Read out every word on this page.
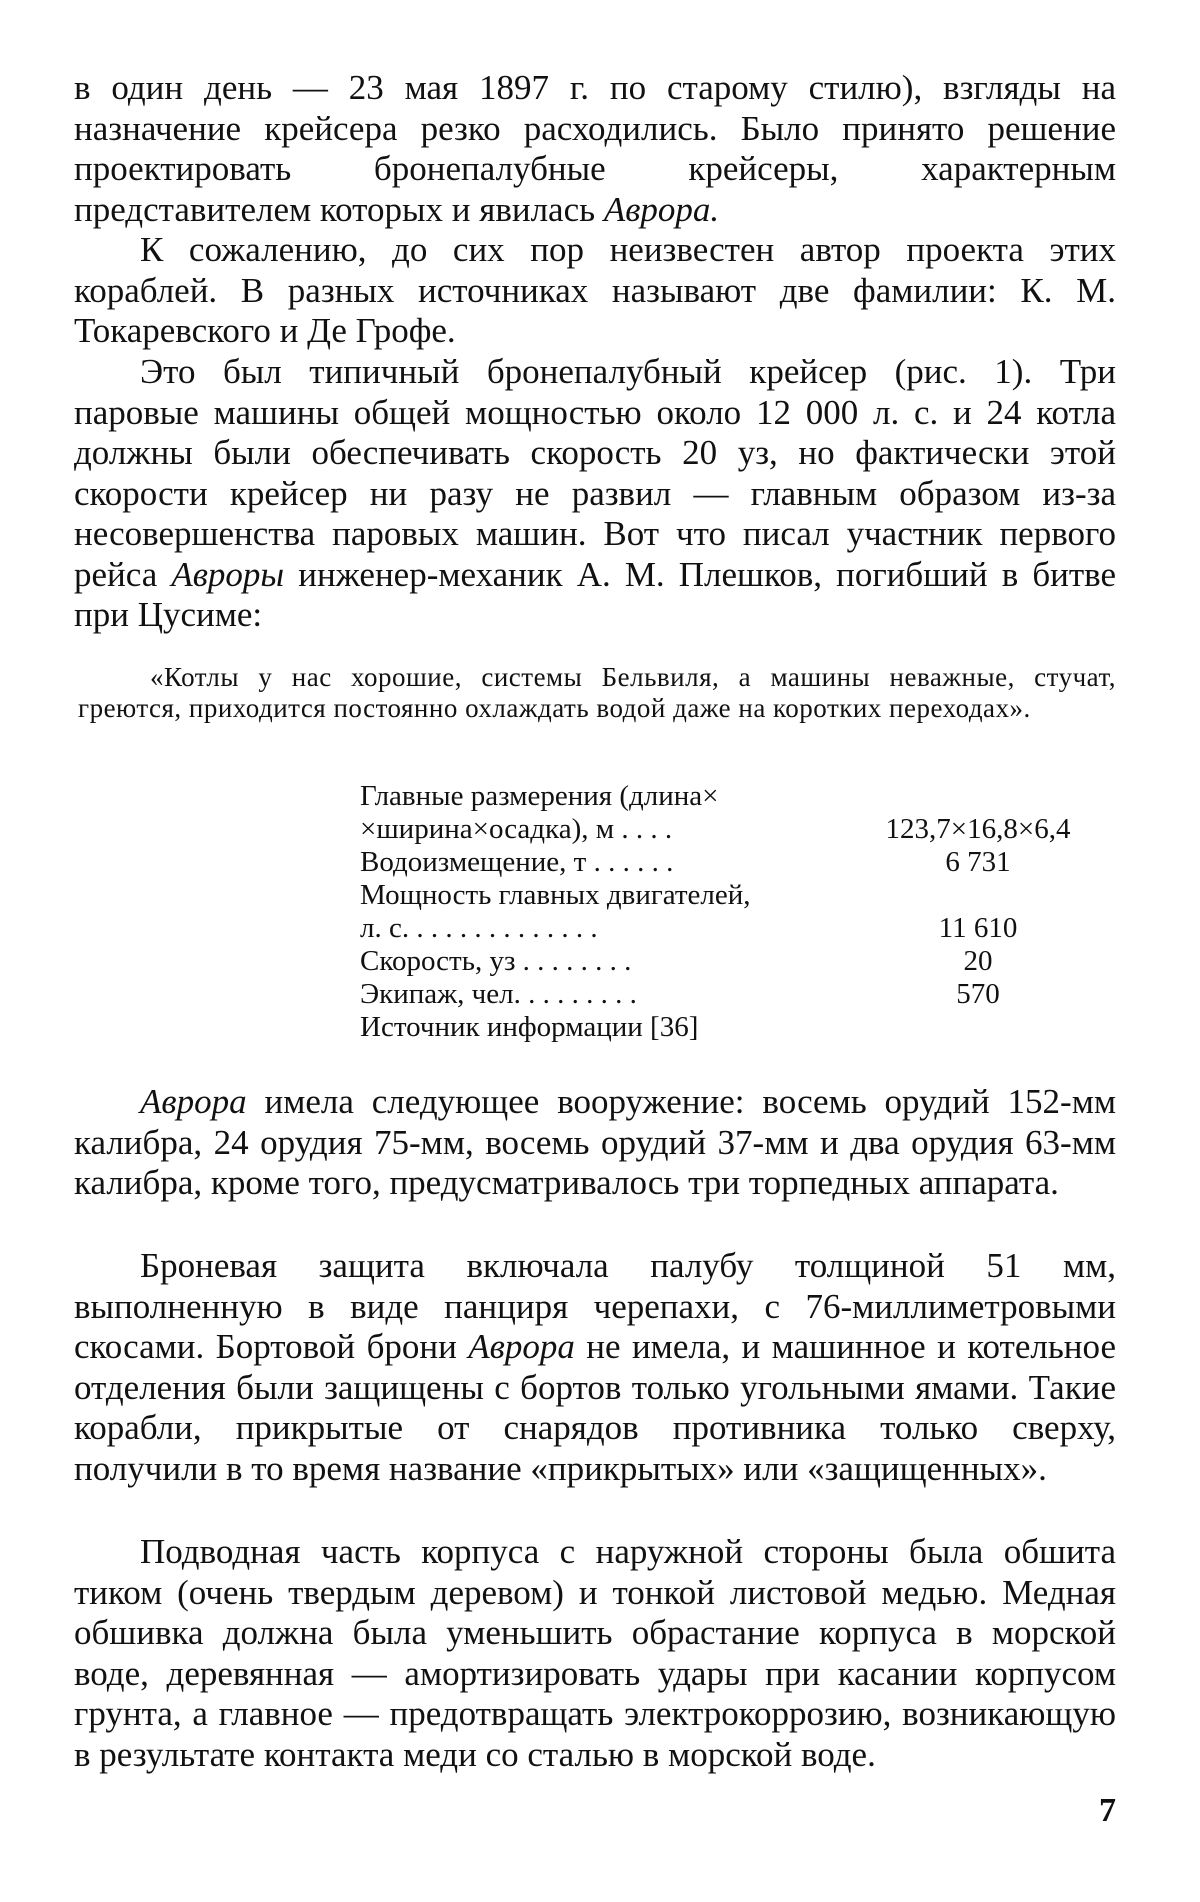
в один день — 23 мая 1897 г. по старому стилю), взгляды на назначение крейсера резко расходились. Было принято решение проектировать бронепалубные крейсеры, характерным представителем которых и явилась Аврора.

К сожалению, до сих пор неизвестен автор проекта этих кораблей. В разных источниках называют две фамилии: К. М. Токаревского и Де Грофе.

Это был типичный бронепалубный крейсер (рис. 1). Три паровые машины общей мощностью около 12 000 л. с. и 24 котла должны были обеспечивать скорость 20 уз, но фактически этой скорости крейсер ни разу не развил — главным образом из-за несовершенства паровых машин. Вот что писал участник первого рейса Авроры инженер-механик А. М. Плешков, погибший в битве при Цусиме:

«Котлы у нас хорошие, системы Бельвиля, а машины неважные, стучат, греются, приходится постоянно охлаждать водой даже на коротких переходах».

Главные размерения (длина×
×ширина×осадка), м . . . .	123,7×16,8×6,4
Водоизмещение, т . . . . . .	6 731
Мощность главных двигателей,
л. с. . . . . . . . . . . . . .	11 610
Скорость, уз . . . . . . . .	20
Экипаж, чел. . . . . . . . .	570
Источник информации [36]

Аврора имела следующее вооружение: восемь орудий 152-мм калибра, 24 орудия 75-мм, восемь орудий 37-мм и два орудия 63-мм калибра, кроме того, предусматривалось три торпедных аппарата.

Броневая защита включала палубу толщиной 51 мм, выполненную в виде панциря черепахи, с 76-миллиметровыми скосами. Бортовой брони Аврора не имела, и машинное и котельное отделения были защищены с бортов только угольными ямами. Такие корабли, прикрытые от снарядов противника только сверху, получили в то время название «прикрытых» или «защищенных».

Подводная часть корпуса с наружной стороны была обшита тиком (очень твердым деревом) и тонкой листовой медью. Медная обшивка должна была уменьшить обрастание корпуса в морской воде, деревянная — амортизировать удары при касании корпусом грунта, а главное — предотвращать электрокоррозию, возникающую в результате контакта меди со сталью в морской воде.

7
